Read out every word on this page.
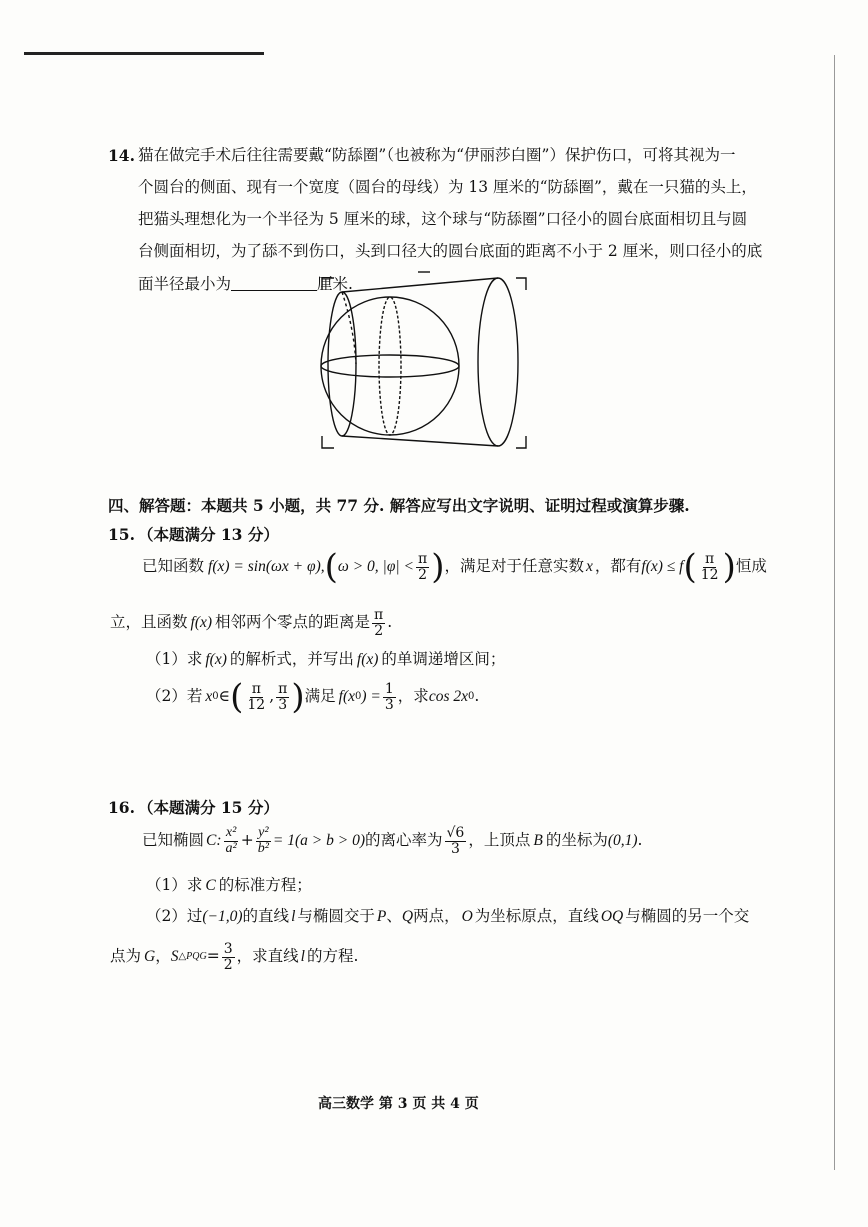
14. 猫在做完手术后往往需要戴“防舔圈”（也被称为“伊丽莎白圈”）保护伤口，可将其视为一
个圆台的侧面、现有一个宽度（圆台的母线）为 13 厘米的“防舔圈”，戴在一只猫的头上，
把猫头理想化为一个半径为 5 厘米的球，这个球与“防舔圈”口径小的圆台底面相切且与圆
台侧面相切，为了舔不到伤口，头到口径大的圆台底面的距离不小于 2 厘米，则口径小的底
面半径最小为	厘米.
四、解答题：本题共 5 小题，共 77 分. 解答应写出文字说明、证明过程或演算步骤.
15. （本题满分 13 分）
已知函数 f(x) = sin(ωx + φ), ( ω > 0, $|\varphi| < \frac{\pi}{2}$ ) ，满足对于任意实数 x ，都有 f(x) ≤ f ( $\frac{\pi}{12}$ ) 恒成
立，且函数 f(x) 相邻两个零点的距离是 $\frac{\pi}{2}$ .
（1）求 f(x) 的解析式，并写出 f(x) 的单调递增区间；
（2）若 x 0 ∈ ( $\frac{\pi}{12}$ , $\frac{\pi}{3}$ ) 满足 f(x 0 ) = $\frac{1}{3}$ ，求 cos 2x 0 .
16. （本题满分 15 分）
已知椭圆 C: $\frac{\text{x²}}{\text{a²}} + \frac{\text{y²}}{\text{b²}} = 1(a > b > 0)$ 的离心率为 $\frac{√6}{3}$ ，上顶点 B 的坐标为 (0,1) .
（1）求 C 的标准方程；
（2）过 (−1,0) 的直线 l 与椭圆交于 P 、 Q 两点， O 为坐标原点，直线 OQ 与椭圆的另一个交
点为 G ， S △PQG = $\frac{3}{2}$ ，求直线 l 的方程.
高三数学 第 3 页 共 4 页
